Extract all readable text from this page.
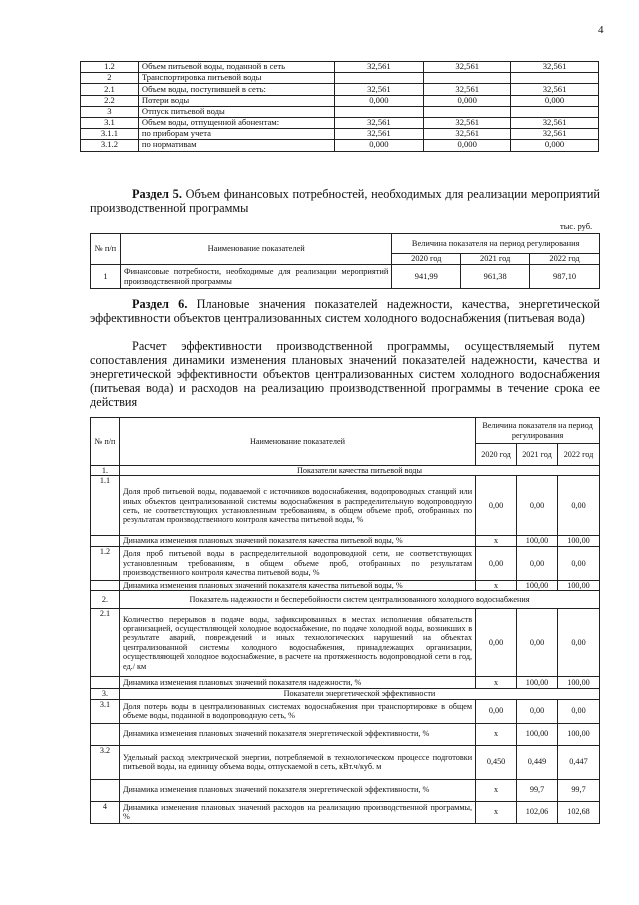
4
1.2	Объем питьевой воды, поданной в сеть	32,561	32,561	32,561
2	Транспортировка питьевой воды			
2.1	Объем воды, поступившей в сеть:	32,561	32,561	32,561
2.2	Потери воды	0,000	0,000	0,000
3	Отпуск питьевой воды			
3.1	Объем воды, отпущенной абонентам:	32,561	32,561	32,561
3.1.1	по приборам учета	32,561	32,561	32,561
3.1.2	по нормативам	0,000	0,000	0,000
Раздел 5. Объем финансовых потребностей, необходимых для реализации мероприятий производственной программы
тыс. руб.
№ п/п	Наименование показателей	Величина показателя на период регулирования		
		2020 год	2021 год	2022 год
1	Финансовые потребности, необходимые для реализации мероприятий производственной программы	941,99	961,38	987,10
Раздел 6. Плановые значения показателей надежности, качества, энергетической эффективности объектов централизованных систем холодного водоснабжения (питьевая вода)
Расчет эффективности производственной программы, осуществляемый путем сопоставления динамики изменения плановых значений показателей надежности, качества и энергетической эффективности объектов централизованных систем холодного водоснабжения (питьевая вода) и расходов на реализацию производственной программы в течение срока ее действия
№ п/п	Наименование показателей	Величина показателя на период регулирования		
		2020 год	2021 год	2022 год
1.	Показатели качества питьевой воды			
1.1	Доля проб питьевой воды, подаваемой с источников водоснабжения, водопроводных станций или иных объектов централизованной системы водоснабжения в распределительную водопроводную сеть, не соответствующих установленным требованиям, в общем объеме проб, отобранных по результатам производственного контроля качества питьевой воды, %	0,00	0,00	0,00
	Динамика изменения плановых значений показателя качества питьевой воды, %	х	100,00	100,00
1.2	Доля проб питьевой воды в распределительной водопроводной сети, не соответствующих установленным требованиям, в общем объеме проб, отобранных по результатам производственного контроля качества питьевой воды, %	0,00	0,00	0,00
	Динамика изменения плановых значений показателя качества питьевой воды, %	х	100,00	100,00
2.	Показатель надежности и бесперебойности систем централизованного холодного водоснабжения			
2.1	Количество перерывов в подаче воды, зафиксированных в местах исполнения обязательств организацией, осуществляющей холодное водоснабжение, по подаче холодной воды, возникших в результате аварий, повреждений и иных технологических нарушений на объектах централизованной системы холодного водоснабжения, принадлежащих организации, осуществляющей холодное водоснабжение, в расчете на протяженность водопроводной сети в год, ед./ км	0,00	0,00	0,00
	Динамика изменения плановых значений показателя надежности, %	х	100,00	100,00
3.	Показатели энергетической эффективности			
3.1	Доля потерь воды в централизованных системах водоснабжения при транспортировке в общем объеме воды, поданной в водопроводную сеть, %	0,00	0,00	0,00
	Динамика изменения плановых значений показателя энергетической эффективности, %	х	100,00	100,00
3.2	Удельный расход электрической энергии, потребляемой в технологическом процессе подготовки питьевой воды, на единицу объема воды, отпускаемой в сеть, кВт.ч/куб. м	0,450	0,449	0,447
	Динамика изменения плановых значений показателя энергетической эффективности, %	х	99,7	99,7
4	Динамика изменения плановых значений расходов на реализацию производственной программы, %	х	102,06	102,68
